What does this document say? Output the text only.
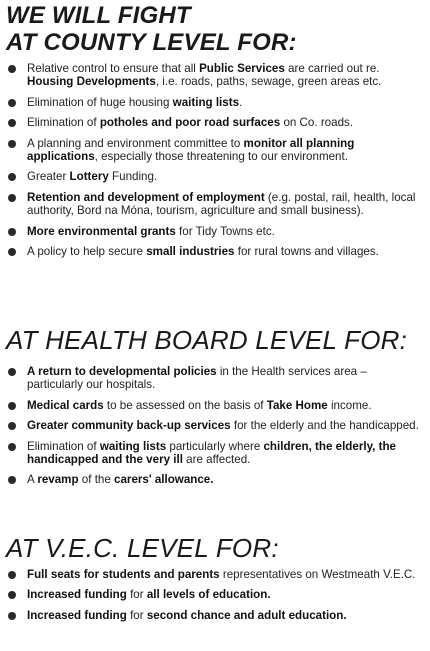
WE WILL FIGHT
AT COUNTY LEVEL FOR:
Relative control to ensure that all Public Services are carried out re. Housing Developments, i.e. roads, paths, sewage, green areas etc.
Elimination of huge housing waiting lists.
Elimination of potholes and poor road surfaces on Co. roads.
A planning and environment committee to monitor all planning applications, especially those threatening to our environment.
Greater Lottery Funding.
Retention and development of employment (e.g. postal, rail, health, local authority, Bord na Móna, tourism, agriculture and small business).
More environmental grants for Tidy Towns etc.
A policy to help secure small industries for rural towns and villages.
AT HEALTH BOARD LEVEL FOR:
A return to developmental policies in the Health services area – particularly our hospitals.
Medical cards to be assessed on the basis of Take Home income.
Greater community back-up services for the elderly and the handicapped.
Elimination of waiting lists particularly where children, the elderly, the handicapped and the very ill are affected.
A revamp of the carers' allowance.
AT V.E.C. LEVEL FOR:
Full seats for students and parents representatives on Westmeath V.E.C.
Increased funding for all levels of education.
Increased funding for second chance and adult education.
